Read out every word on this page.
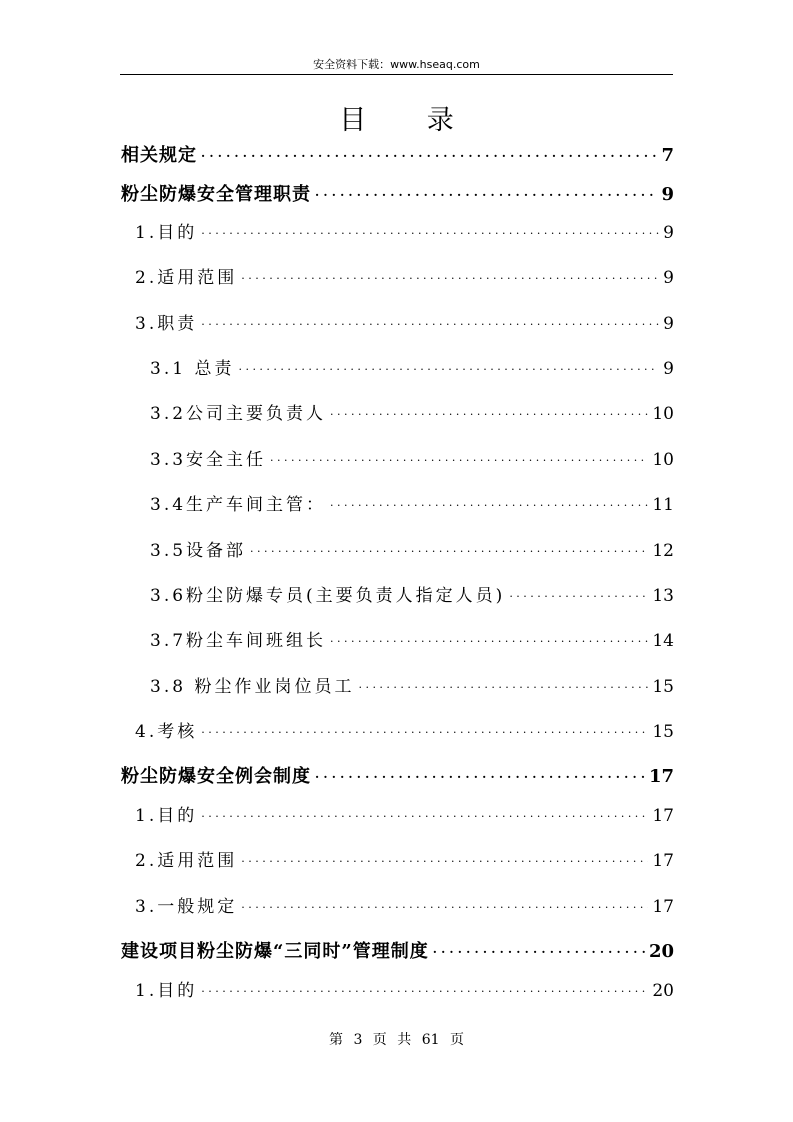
安全资料下载：www.hseaq.com
目 录
相关规定 . . .	7
粉尘防爆安全管理职责 . . .	9
1.目的 . . .	9
2.适用范围 . . .	9
3.职责 . . .	9
3.1 总责 . . .	9
3.2公司主要负责人 . . .	10
3.3安全主任 . . .	10
3.4生产车间主管： . . .	11
3.5设备部 . . .	12
3.6粉尘防爆专员(主要负责人指定人员) . . .	13
3.7粉尘车间班组长 . . .	14
3.8 粉尘作业岗位员工 . . .	15
4.考核 . . .	15
粉尘防爆安全例会制度 . . .	17
1.目的 . . .	17
2.适用范围 . . .	17
3.一般规定 . . .	17
建设项目粉尘防爆“三同时”管理制度 . . .	20
1.目的 . . .	20
第 3 页 共 61 页
